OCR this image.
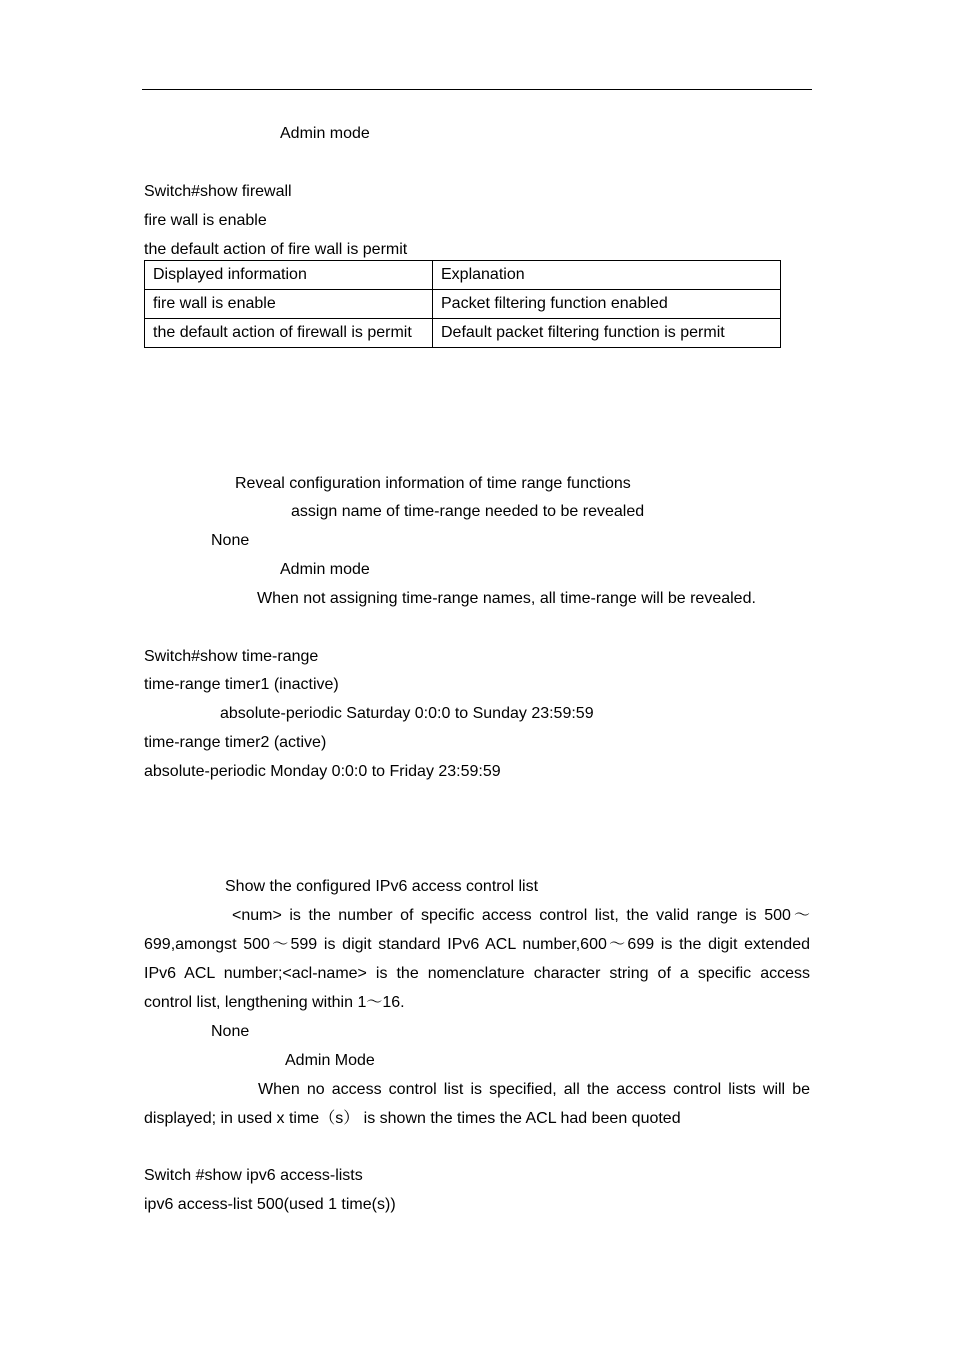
Admin mode
Switch#show firewall
fire wall is enable
the default action of fire wall is permit
Displayed information	Explanation
fire wall is enable	Packet filtering function enabled
the default action of firewall is permit	Default packet filtering function is permit
Reveal configuration information of time range functions
assign name of time-range needed to be revealed
None
Admin mode
When not assigning time-range names, all time-range will be revealed.
Switch#show time-range
time-range timer1 (inactive)
absolute-periodic Saturday 0:0:0 to Sunday 23:59:59
time-range timer2 (active)
absolute-periodic Monday 0:0:0 to Friday 23:59:59
Show the configured IPv6 access control list
<num> is the number of specific access control list, the valid range is 500～699,amongst 500～599 is digit standard IPv6 ACL number,600～699 is the digit extended IPv6 ACL number;<acl-name> is the nomenclature character string of a specific access control list, lengthening within 1～16.
None
Admin Mode
When no access control list is specified, all the access control lists will be displayed; in used x time（s） is shown the times the ACL had been quoted
Switch #show ipv6 access-lists
ipv6 access-list 500(used 1 time(s))
